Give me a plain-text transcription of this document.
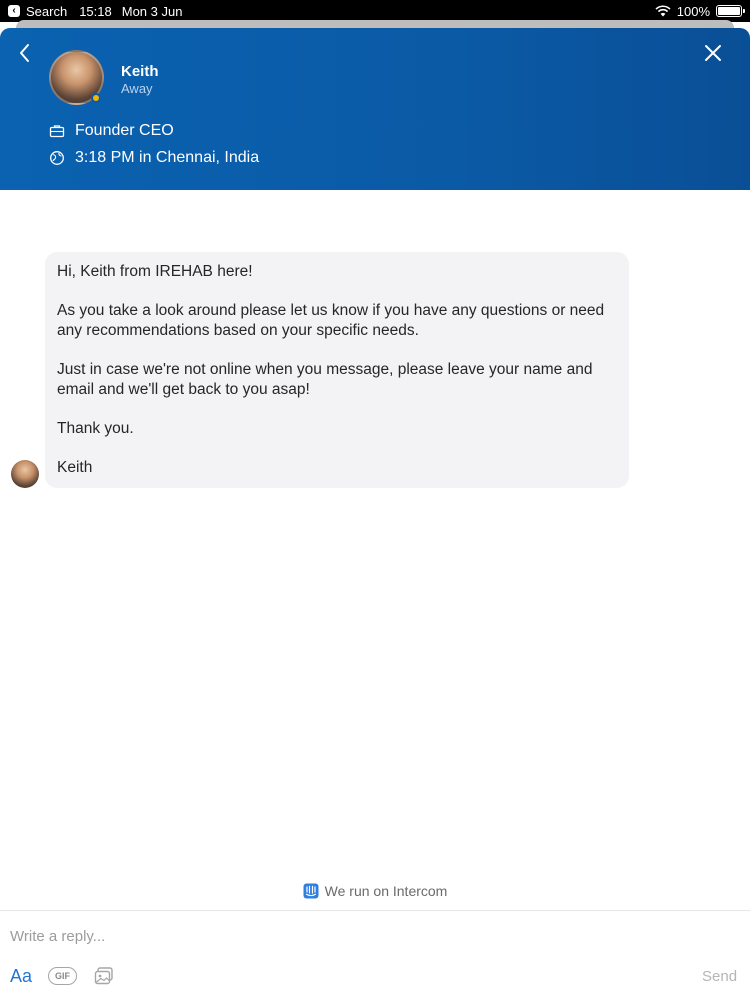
‹ Search 15:18 Mon 3 Jun	100%
Keith
Away
Founder CEO
3:18 PM in Chennai, India

Hi, Keith from IREHAB here!

As you take a look around please let us know if you have any questions or need any recommendations based on your specific needs.

Just in case we're not online when you message, please leave your name and email and we'll get back to you asap!

Thank you.

Keith

We run on Intercom
Write a reply...
Aa	GIF	Send
